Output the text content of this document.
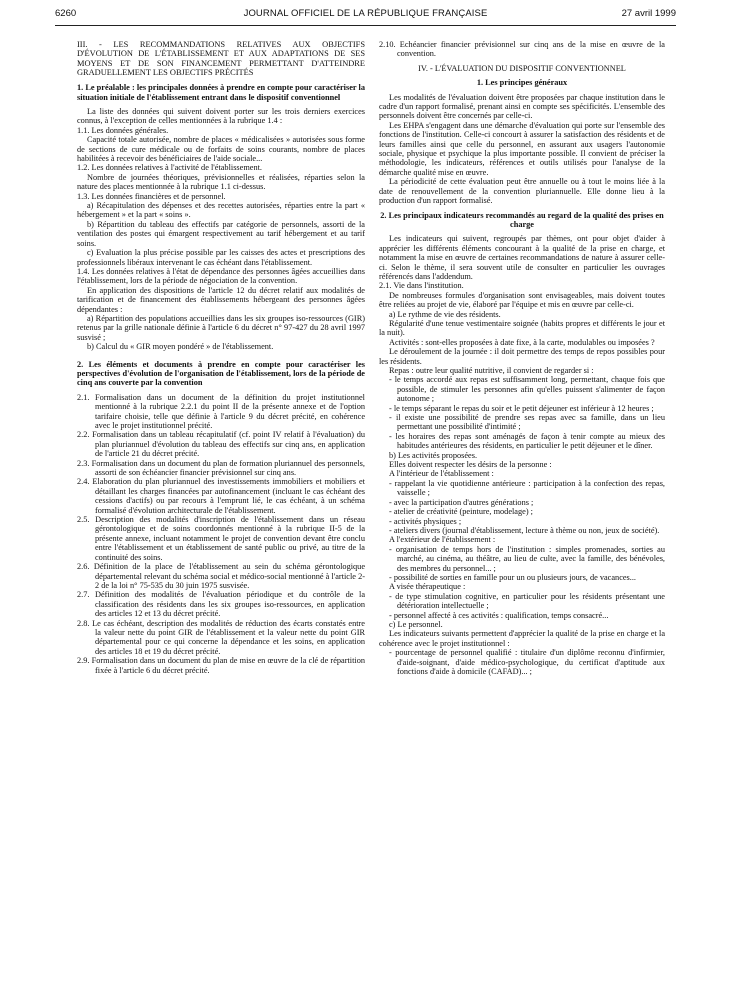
6260	JOURNAL OFFICIEL DE LA RÉPUBLIQUE FRANÇAISE	27 avril 1999

III. - LES RECOMMANDATIONS RELATIVES AUX OBJECTIFS D'ÉVOLUTION DE L'ÉTABLISSEMENT ET AUX ADAPTATIONS DE SES MOYENS ET DE SON FINANCEMENT PERMETTANT D'ATTEINDRE GRADUELLEMENT LES OBJECTIFS PRÉCITÉS

1. Le préalable : les principales données à prendre en compte pour caractériser la situation initiale de l'établissement entrant dans le dispositif conventionnel

La liste des données qui suivent doivent porter sur les trois derniers exercices connus, à l'exception de celles mentionnées à la rubrique 1.4 :

1.1. Les données générales.

Capacité totale autorisée, nombre de places « médicalisées » autorisées sous forme de sections de cure médicale ou de forfaits de soins courants, nombre de places habilitées à recevoir des bénéficiaires de l'aide sociale...

1.2. Les données relatives à l'activité de l'établissement.

Nombre de journées théoriques, prévisionnelles et réalisées, réparties selon la nature des places mentionnée à la rubrique 1.1 ci-dessus.

1.3. Les données financières et de personnel.

a) Récapitulation des dépenses et des recettes autorisées, réparties entre la part « hébergement » et la part « soins ».

b) Répartition du tableau des effectifs par catégorie de personnels, assorti de la ventilation des postes qui émargent respectivement au tarif hébergement et au tarif soins.

c) Evaluation la plus précise possible par les caisses des actes et prescriptions des professionnels libéraux intervenant le cas échéant dans l'établissement.

1.4. Les données relatives à l'état de dépendance des personnes âgées accueillies dans l'établissement, lors de la période de négociation de la convention.

En application des dispositions de l'article 12 du décret relatif aux modalités de tarification et de financement des établissements hébergeant des personnes âgées dépendantes :

a) Répartition des populations accueillies dans les six groupes iso-ressources (GIR) retenus par la grille nationale définie à l'article 6 du décret n° 97-427 du 28 avril 1997 susvisé ;

b) Calcul du « GIR moyen pondéré » de l'établissement.

2. Les éléments et documents à prendre en compte pour caractériser les perspectives d'évolution de l'organisation de l'établissement, lors de la période de cinq ans couverte par la convention

2.1. Formalisation dans un document de la définition du projet institutionnel mentionné à la rubrique 2.2.1 du point II de la présente annexe et de l'option tarifaire choisie, telle que définie à l'article 9 du décret précité, en cohérence avec le projet institutionnel précité.

2.2. Formalisation dans un tableau récapitulatif (cf. point IV relatif à l'évaluation) du plan pluriannuel d'évolution du tableau des effectifs sur cinq ans, en application de l'article 21 du décret précité.

2.3. Formalisation dans un document du plan de formation pluriannuel des personnels, assorti de son échéancier financier prévisionnel sur cinq ans.

2.4. Elaboration du plan pluriannuel des investissements immobiliers et mobiliers et détaillant les charges financées par autofinancement (incluant le cas échéant des cessions d'actifs) ou par recours à l'emprunt lié, le cas échéant, à un schéma formalisé d'évolution architecturale de l'établissement.

2.5. Description des modalités d'inscription de l'établissement dans un réseau gérontologique et de soins coordonnés mentionné à la rubrique II-5 de la présente annexe, incluant notamment le projet de convention devant être conclu entre l'établissement et un établissement de santé public ou privé, au titre de la continuité des soins.

2.6. Définition de la place de l'établissement au sein du schéma gérontologique départemental relevant du schéma social et médico-social mentionné à l'article 2-2 de la loi n° 75-535 du 30 juin 1975 susvisée.

2.7. Définition des modalités de l'évaluation périodique et du contrôle de la classification des résidents dans les six groupes iso-ressources, en application des articles 12 et 13 du décret précité.

2.8. Le cas échéant, description des modalités de réduction des écarts constatés entre la valeur nette du point GIR de l'établissement et la valeur nette du point GIR départemental pour ce qui concerne la dépendance et les soins, en application des articles 18 et 19 du décret précité.

2.9. Formalisation dans un document du plan de mise en œuvre de la clé de répartition fixée à l'article 6 du décret précité.

2.10. Echéancier financier prévisionnel sur cinq ans de la mise en œuvre de la convention.

IV. - L'ÉVALUATION DU DISPOSITIF CONVENTIONNEL

1. Les principes généraux

Les modalités de l'évaluation doivent être proposées par chaque institution dans le cadre d'un rapport formalisé, prenant ainsi en compte ses spécificités. L'ensemble des personnels doivent être concernés par celle-ci.

Les EHPA s'engagent dans une démarche d'évaluation qui porte sur l'ensemble des fonctions de l'institution. Celle-ci concourt à assurer la satisfaction des résidents et de leurs familles ainsi que celle du personnel, en assurant aux usagers l'autonomie sociale, physique et psychique la plus importante possible. Il convient de préciser la méthodologie, les indicateurs, références et outils utilisés pour l'analyse de la démarche qualité mise en œuvre.

La périodicité de cette évaluation peut être annuelle ou à tout le moins liée à la date de renouvellement de la convention pluriannuelle. Elle donne lieu à la production d'un rapport formalisé.

2. Les principaux indicateurs recommandés au regard de la qualité des prises en charge

Les indicateurs qui suivent, regroupés par thèmes, ont pour objet d'aider à apprécier les différents éléments concourant à la qualité de la prise en charge, et notamment la mise en œuvre de certaines recommandations de nature à assurer celle-ci. Selon le thème, il sera souvent utile de consulter en particulier les ouvrages référencés dans l'addendum.

2.1. Vie dans l'institution.

De nombreuses formules d'organisation sont envisageables, mais doivent toutes être reliées au projet de vie, élaboré par l'équipe et mis en œuvre par celle-ci.

a) Le rythme de vie des résidents.

Régularité d'une tenue vestimentaire soignée (habits propres et différents le jour et la nuit).

Activités : sont-elles proposées à date fixe, à la carte, modulables ou imposées ?

Le déroulement de la journée : il doit permettre des temps de repos possibles pour les résidents.

Repas : outre leur qualité nutritive, il convient de regarder si :

- le temps accordé aux repas est suffisamment long, permettant, chaque fois que possible, de stimuler les personnes afin qu'elles puissent s'alimenter de façon autonome ;

- le temps séparant le repas du soir et le petit déjeuner est inférieur à 12 heures ;

- il existe une possibilité de prendre ses repas avec sa famille, dans un lieu permettant une possibilité d'intimité ;

- les horaires des repas sont aménagés de façon à tenir compte au mieux des habitudes antérieures des résidents, en particulier le petit déjeuner et le dîner.

b) Les activités proposées.

Elles doivent respecter les désirs de la personne :

A l'intérieur de l'établissement :

- rappelant la vie quotidienne antérieure : participation à la confection des repas, vaisselle ;

- avec la participation d'autres générations ;

- atelier de créativité (peinture, modelage) ;

- activités physiques ;

- ateliers divers (journal d'établissement, lecture à thème ou non, jeux de société).

A l'extérieur de l'établissement :

- organisation de temps hors de l'institution : simples promenades, sorties au marché, au cinéma, au théâtre, au lieu de culte, avec la famille, des bénévoles, des membres du personnel... ;

- possibilité de sorties en famille pour un ou plusieurs jours, de vacances...

A visée thérapeutique :

- de type stimulation cognitive, en particulier pour les résidents présentant une détérioration intellectuelle ;

- personnel affecté à ces activités : qualification, temps consacré...

c) Le personnel.

Les indicateurs suivants permettent d'apprécier la qualité de la prise en charge et la cohérence avec le projet institutionnel :

- pourcentage de personnel qualifié : titulaire d'un diplôme reconnu d'infirmier, d'aide-soignant, d'aide médico-psychologique, du certificat d'aptitude aux fonctions d'aide à domicile (CAFAD)... ;
